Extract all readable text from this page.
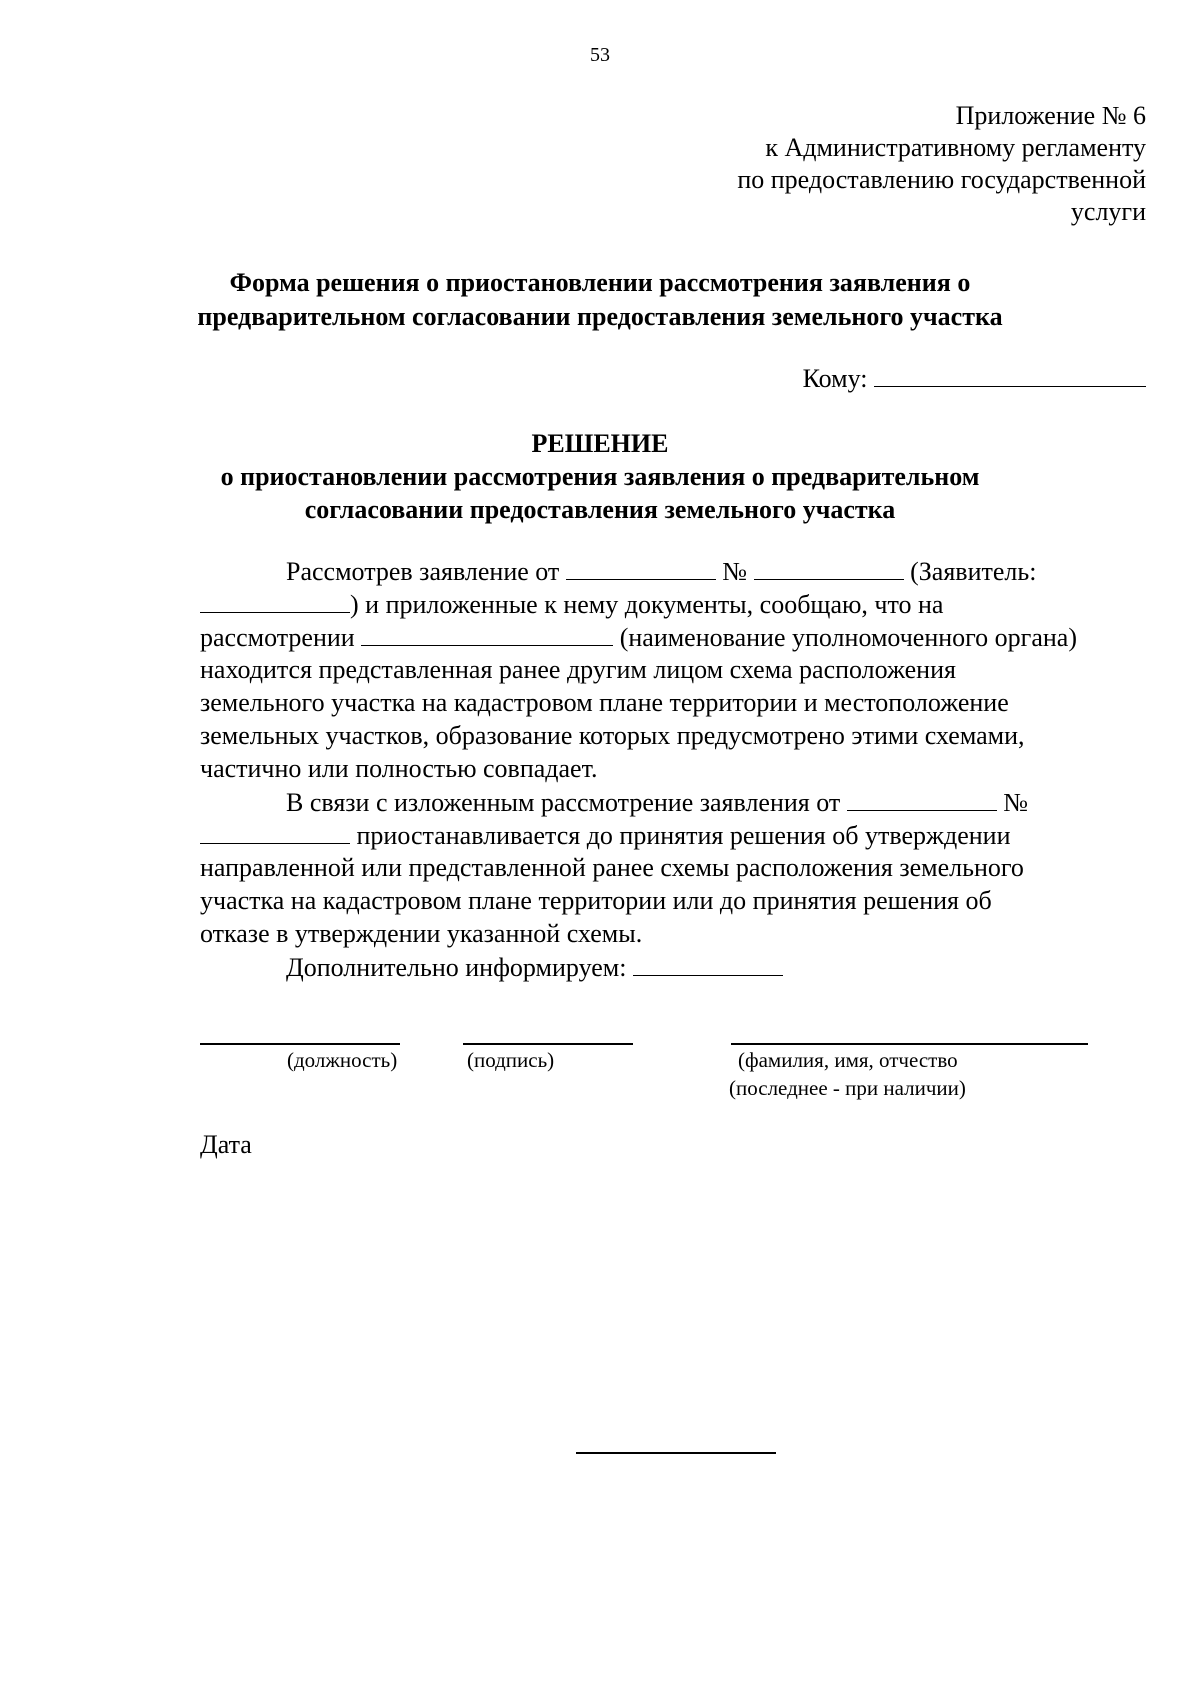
53
Приложение № 6
к Административному регламенту
по предоставлению государственной
услуги
Форма решения о приостановлении рассмотрения заявления о
предварительном согласовании предоставления земельного участка
Кому:
РЕШЕНИЕ
о приостановлении рассмотрения заявления о предварительном
согласовании предоставления земельного участка
Рассмотрев заявление от	№	(Заявитель:
) и приложенные к нему документы, сообщаю, что на
рассмотрении	(наименование уполномоченного органа)
находится представленная ранее другим лицом схема расположения
земельного участка на кадастровом плане территории и местоположение
земельных участков, образование которых предусмотрено этими схемами,
частично или полностью совпадает.
В связи с изложенным рассмотрение заявления от	№
приостанавливается до принятия решения об утверждении
направленной или представленной ранее схемы расположения земельного
участка на кадастровом плане территории или до принятия решения об
отказе в утверждении указанной схемы.
Дополнительно информируем:
(должность)	(подпись)	(фамилия, имя, отчество
(последнее - при наличии)
Дата
